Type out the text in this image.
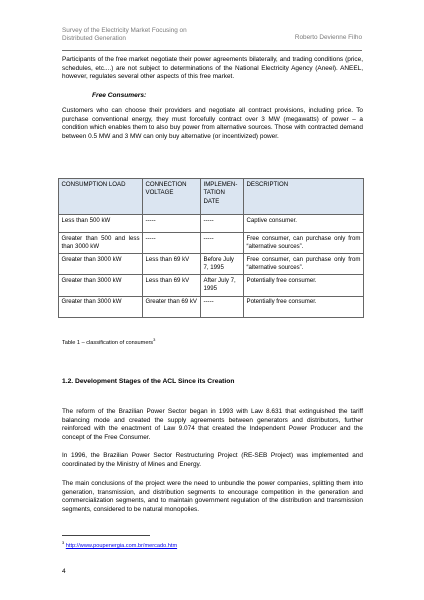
Survey of the Electricity Market Focusing on
Distributed Generation	Roberto Devienne Filho

Participants of the free market negotiate their power agreements bilaterally, and trading conditions (price, schedules, etc....) are not subject to determinations of the National Electricity Agency (Aneel). ANEEL, however, regulates several other aspects of this free market.

Free Consumers:

Customers who can choose their providers and negotiate all contract provisions, including price. To purchase conventional energy, they must forcefully contract over 3 MW (megawatts) of power – a condition which enables them to also buy power from alternative sources. Those with contracted demand between 0.5 MW and 3 MW can only buy alternative (or incentivized) power.

CONSUMPTION LOAD	CONNECTION VOLTAGE	IMPLEMEN-TATION DATE	DESCRIPTION
Less than 500 kW	-----	-----	Captive consumer.
Greater than 500 and less than 3000 kW	-----	-----	Free consumer, can purchase only from “alternative sources”.
Greater than 3000 kW	Less than 69 kV	Before July 7, 1995	Free consumer, can purchase only from “alternative sources”.
Greater than 3000 kW	Less than 69 kV	After July 7, 1995	Potentially free consumer.
Greater than 3000 kW	Greater than 69 kV	-----	Potentially free consumer.
Table 1 – classification of consumers$^3$
1.2. Development Stages of the ACL Since its Creation

The reform of the Brazilian Power Sector began in 1993 with Law 8.631 that extinguished the tariff balancing mode and created the supply agreements between generators and distributors, further reinforced with the enactment of Law 9.074 that created the Independent Power Producer and the concept of the Free Consumer.

In 1996, the Brazilian Power Sector Restructuring Project (RE-SEB Project) was implemented and coordinated by the Ministry of Mines and Energy.

The main conclusions of the project were the need to unbundle the power companies, splitting them into generation, transmission, and distribution segments to encourage competition in the generation and commercialization segments, and to maintain government regulation of the distribution and transmission segments, considered to be natural monopolies.

$^3$ http://www.poupenergia.com.br/mercado.htm
4
